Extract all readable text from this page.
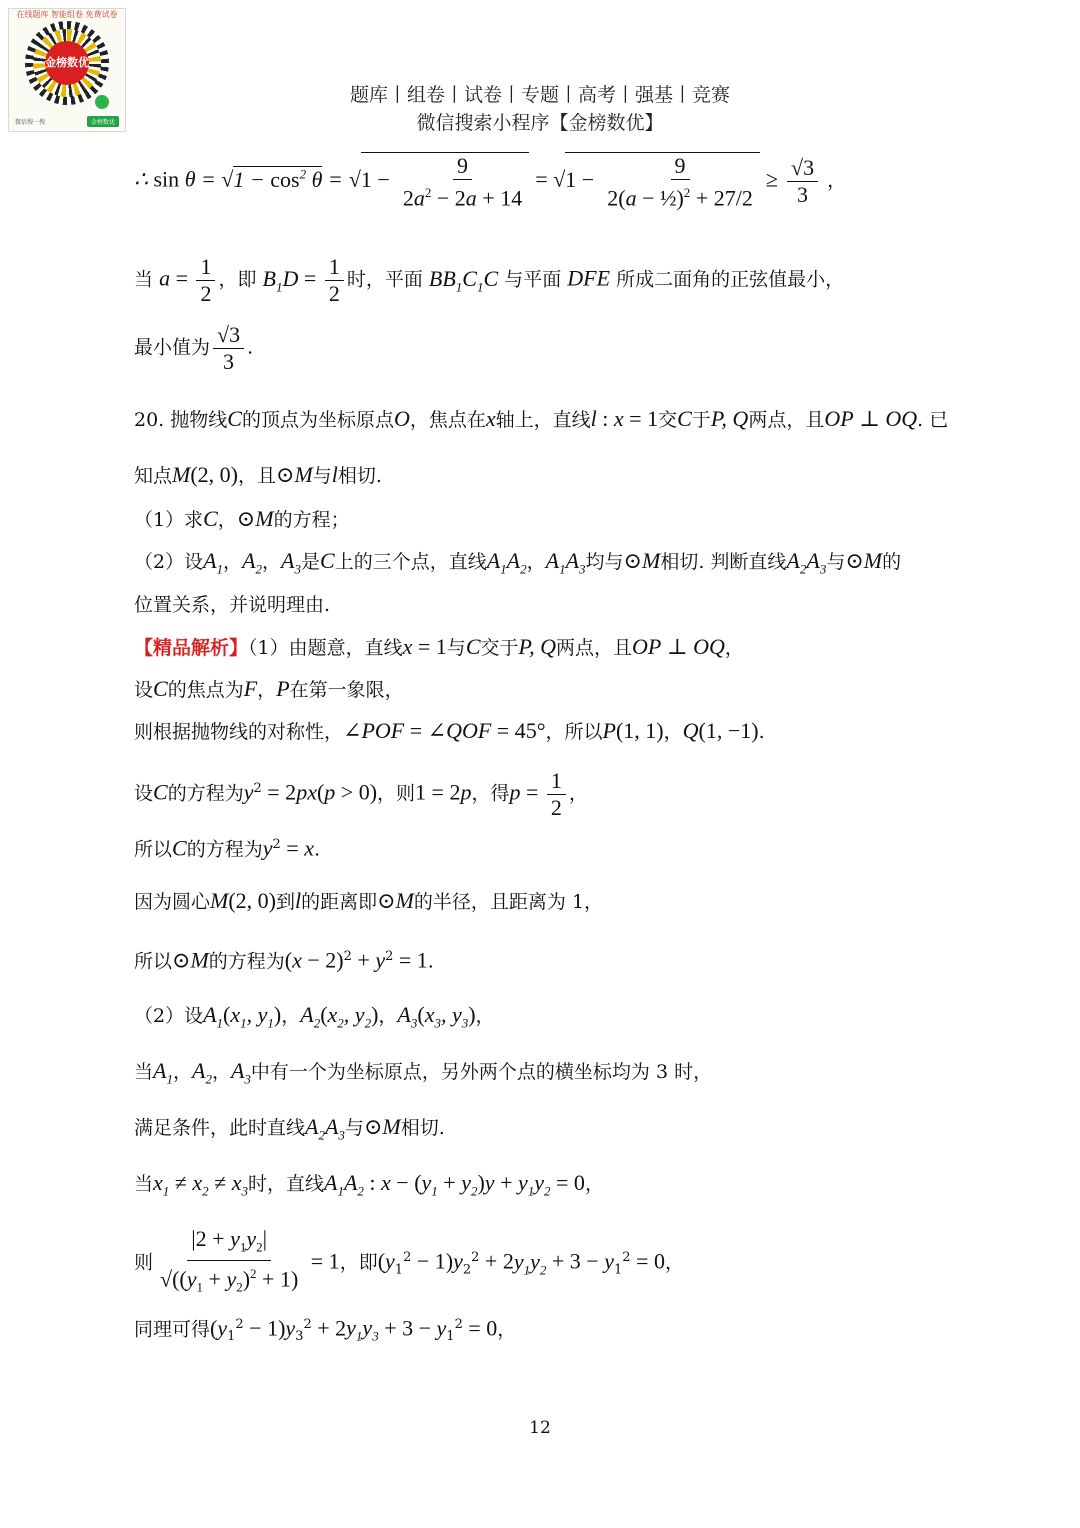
在线题库 智能组卷 免费试卷
金榜数优
微信搜一搜	金榜数优
题库丨组卷丨试卷丨专题丨高考丨强基丨竞赛
微信搜索小程序【金榜数优】
∴ $\sin \theta = √1 - \cos^2 \theta = √1 - \frac{9}{2a^2 - 2a + 14} = √1 - \frac{9}{2(a - \frac{1}{2})^2 + 27/2} \ge \frac{√3}{3}$ ，
当 $a = \frac{1}{2}$ ，即 $B_1D = \frac{1}{2}$ 时，平面 $BB_1C_1C$ 与平面 DFE 所成二面角的正弦值最小，
最小值为 $\frac{√3}{3}$ .
20. 抛物线C的顶点为坐标原点O，焦点在x轴上，直线l : x = 1交C于P, Q两点，且OP ⊥ OQ. 已
知点M(2, 0)，且⊙M与l相切.
（1）求C，⊙M的方程；
（2）设$A_1$，$A_2$，$A_3$是C上的三个点，直线$A_1A_2$，$A_1A_3$均与⊙M相切. 判断直线$A_2A_3$与⊙M的
位置关系，并说明理由.
【精品解析】（1）由题意，直线x = 1与C交于P, Q两点，且OP ⊥ OQ，
设C的焦点为F，P在第一象限，
则根据抛物线的对称性，∠POF = ∠QOF = 45°，所以P(1, 1)，Q(1, −1).
设C的方程为$y^2 = 2px(p > 0)$，则1 = 2p，得$p = \frac{1}{2}$ ，
所以C的方程为$y^2 = x$.
因为圆心M(2, 0)到l的距离即⊙M的半径，且距离为 1，
所以⊙M的方程为$(x - 2)^2 + y^2 = 1$.
（2）设$A_1(x_1$, $y_1$)，$A_2(x_2$, $y_2$)，$A_3(x_3$, $y_3$)，
当$A_1$，$A_2$，$A_3$中有一个为坐标原点，另外两个点的横坐标均为 3 时，
满足条件，此时直线$A_2A_3$与⊙M相切.
当$x_1 \ne x_2 \ne x_3$时，直线$A_1A_2$ : $x - (y_1 + y_2)y + y_1y_2 = 0$，
则 $\frac{|2 + y_1y_2|}{√((y_1 + y_2)^2 + 1)} = 1$，即$(y_1^2 - 1)y_2^2 + 2y_1y_2 + 3 - y_1^2 = 0$，
同理可得$(y_1^2 - 1)y_3^2 + 2y_1y_3 + 3 - y_1^2 = 0$，
12
